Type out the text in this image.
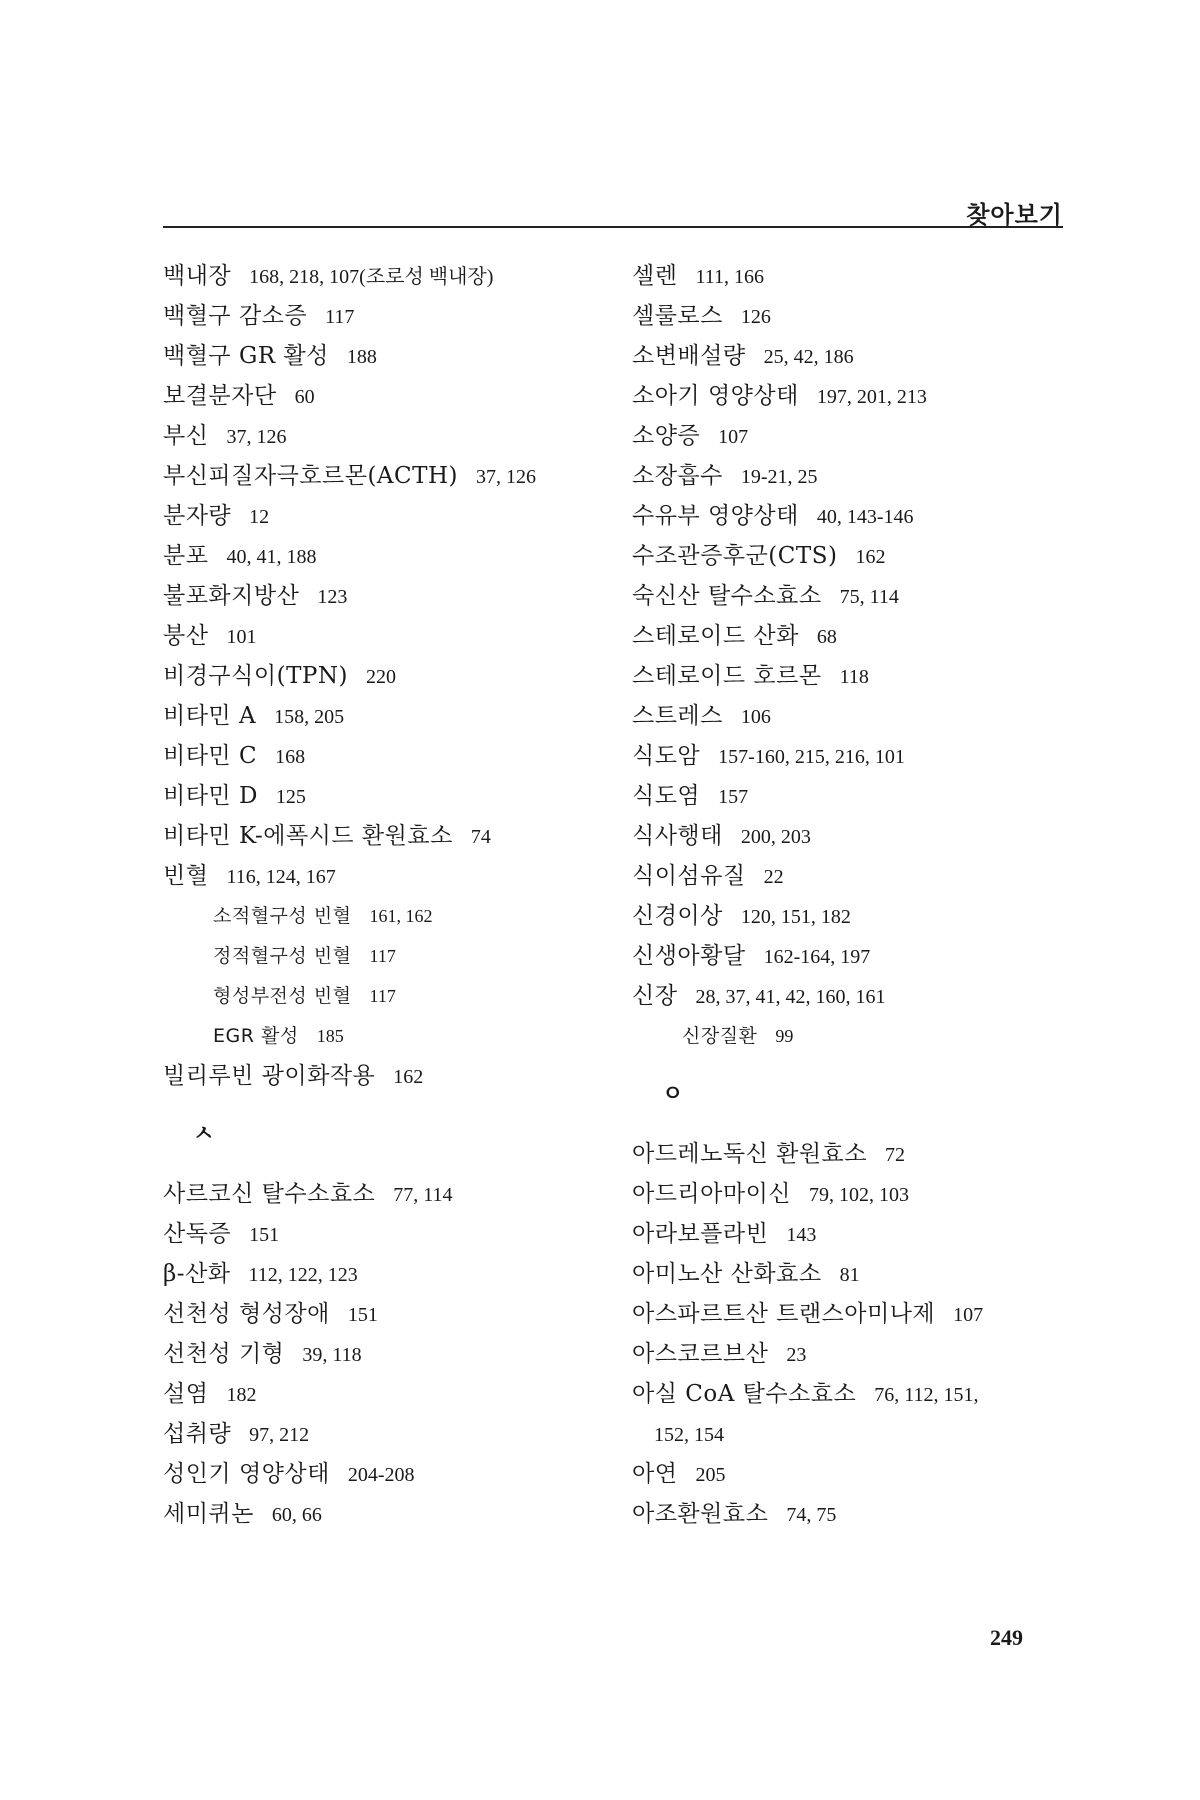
찾아보기
백내장 168, 218, 107(조로성 백내장)
백혈구 감소증 117
백혈구 GR 활성 188
보결분자단 60
부신 37, 126
부신피질자극호르몬(ACTH) 37, 126
분자량 12
분포 40, 41, 188
불포화지방산 123
붕산 101
비경구식이(TPN) 220
비타민 A 158, 205
비타민 C 168
비타민 D 125
비타민 K-에폭시드 환원효소 74
빈혈 116, 124, 167
소적혈구성 빈혈 161, 162
정적혈구성 빈혈 117
형성부전성 빈혈 117
EGR 활성 185
빌리루빈 광이화작용 162
ㅅ
사르코신 탈수소효소 77, 114
산독증 151
β-산화 112, 122, 123
선천성 형성장애 151
선천성 기형 39, 118
설염 182
섭취량 97, 212
성인기 영양상태 204-208
세미퀴논 60, 66
셀렌 111, 166
셀룰로스 126
소변배설량 25, 42, 186
소아기 영양상태 197, 201, 213
소양증 107
소장흡수 19-21, 25
수유부 영양상태 40, 143-146
수조관증후군(CTS) 162
숙신산 탈수소효소 75, 114
스테로이드 산화 68
스테로이드 호르몬 118
스트레스 106
식도암 157-160, 215, 216, 101
식도염 157
식사행태 200, 203
식이섬유질 22
신경이상 120, 151, 182
신생아황달 162-164, 197
신장 28, 37, 41, 42, 160, 161
신장질환 99
ㅇ
아드레노독신 환원효소 72
아드리아마이신 79, 102, 103
아라보플라빈 143
아미노산 산화효소 81
아스파르트산 트랜스아미나제 107
아스코르브산 23
아실 CoA 탈수소효소 76, 112, 151,
152, 154
아연 205
아조환원효소 74, 75
249
